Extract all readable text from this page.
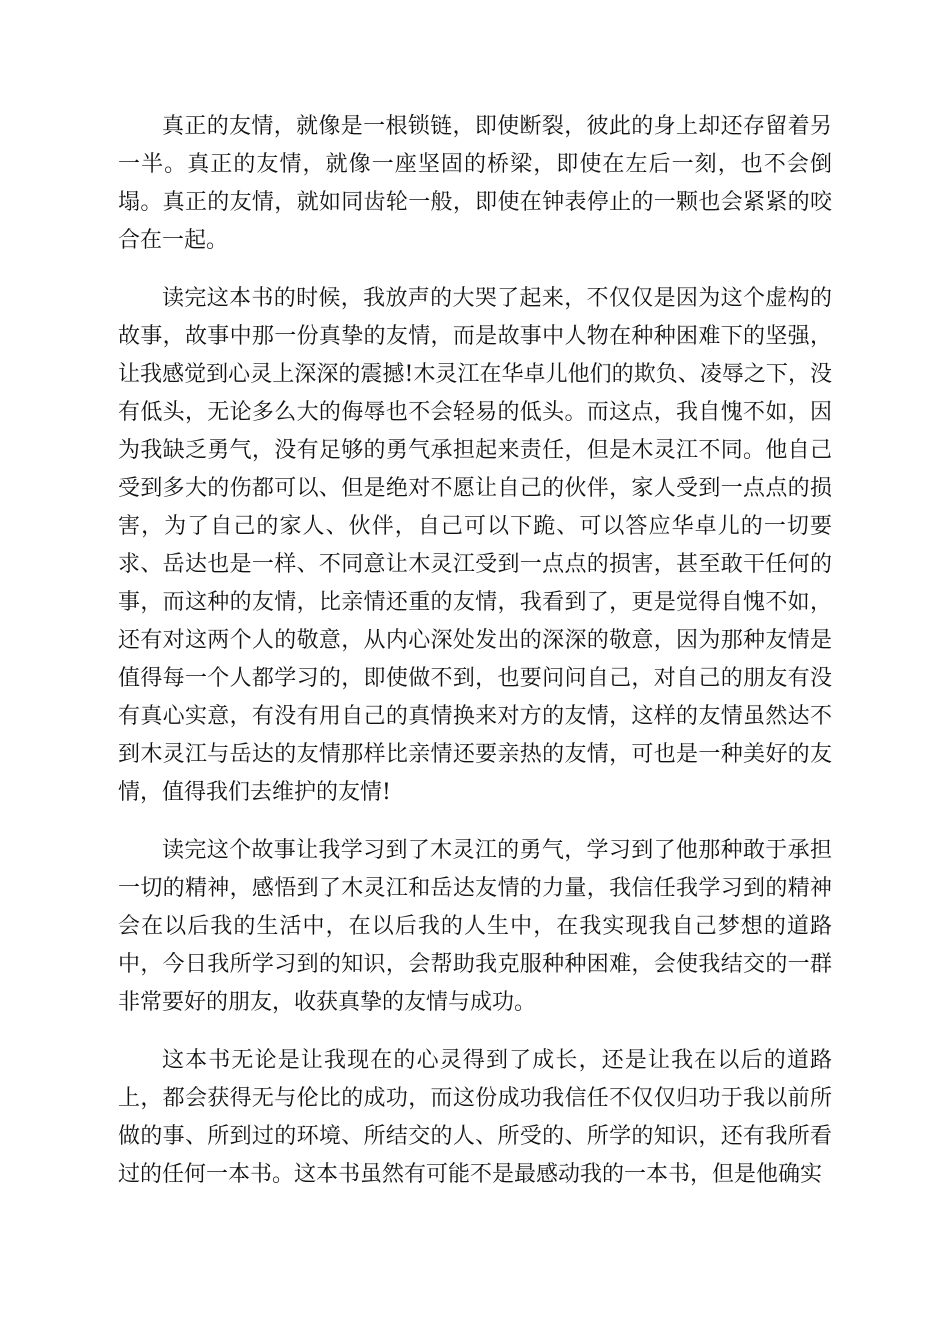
真正的友情，就像是一根锁链，即使断裂，彼此的身上却还存留着另一半。真正的友情，就像一座坚固的桥梁，即使在左后一刻，也不会倒塌。真正的友情，就如同齿轮一般，即使在钟表停止的一颗也会紧紧的咬合在一起。

读完这本书的时候，我放声的大哭了起来，不仅仅是因为这个虚构的故事，故事中那一份真挚的友情，而是故事中人物在种种困难下的坚强，让我感觉到心灵上深深的震撼!木灵江在华卓儿他们的欺负、凌辱之下，没有低头，无论多么大的侮辱也不会轻易的低头。而这点，我自愧不如，因为我缺乏勇气，没有足够的勇气承担起来责任，但是木灵江不同。他自己受到多大的伤都可以、但是绝对不愿让自己的伙伴，家人受到一点点的损害，为了自己的家人、伙伴，自己可以下跪、可以答应华卓儿的一切要求、岳达也是一样、不同意让木灵江受到一点点的损害，甚至敢干任何的事，而这种的友情，比亲情还重的友情，我看到了，更是觉得自愧不如，还有对这两个人的敬意，从内心深处发出的深深的敬意，因为那种友情是值得每一个人都学习的，即使做不到，也要问问自己，对自己的朋友有没有真心实意，有没有用自己的真情换来对方的友情，这样的友情虽然达不到木灵江与岳达的友情那样比亲情还要亲热的友情，可也是一种美好的友情，值得我们去维护的友情!

读完这个故事让我学习到了木灵江的勇气，学习到了他那种敢于承担一切的精神，感悟到了木灵江和岳达友情的力量，我信任我学习到的精神会在以后我的生活中，在以后我的人生中，在我实现我自己梦想的道路中，今日我所学习到的知识，会帮助我克服种种困难，会使我结交的一群非常要好的朋友，收获真挚的友情与成功。

这本书无论是让我现在的心灵得到了成长，还是让我在以后的道路上，都会获得无与伦比的成功，而这份成功我信任不仅仅归功于我以前所做的事、所到过的环境、所结交的人、所受的、所学的知识，还有我所看过的任何一本书。这本书虽然有可能不是最感动我的一本书，但是他确实
